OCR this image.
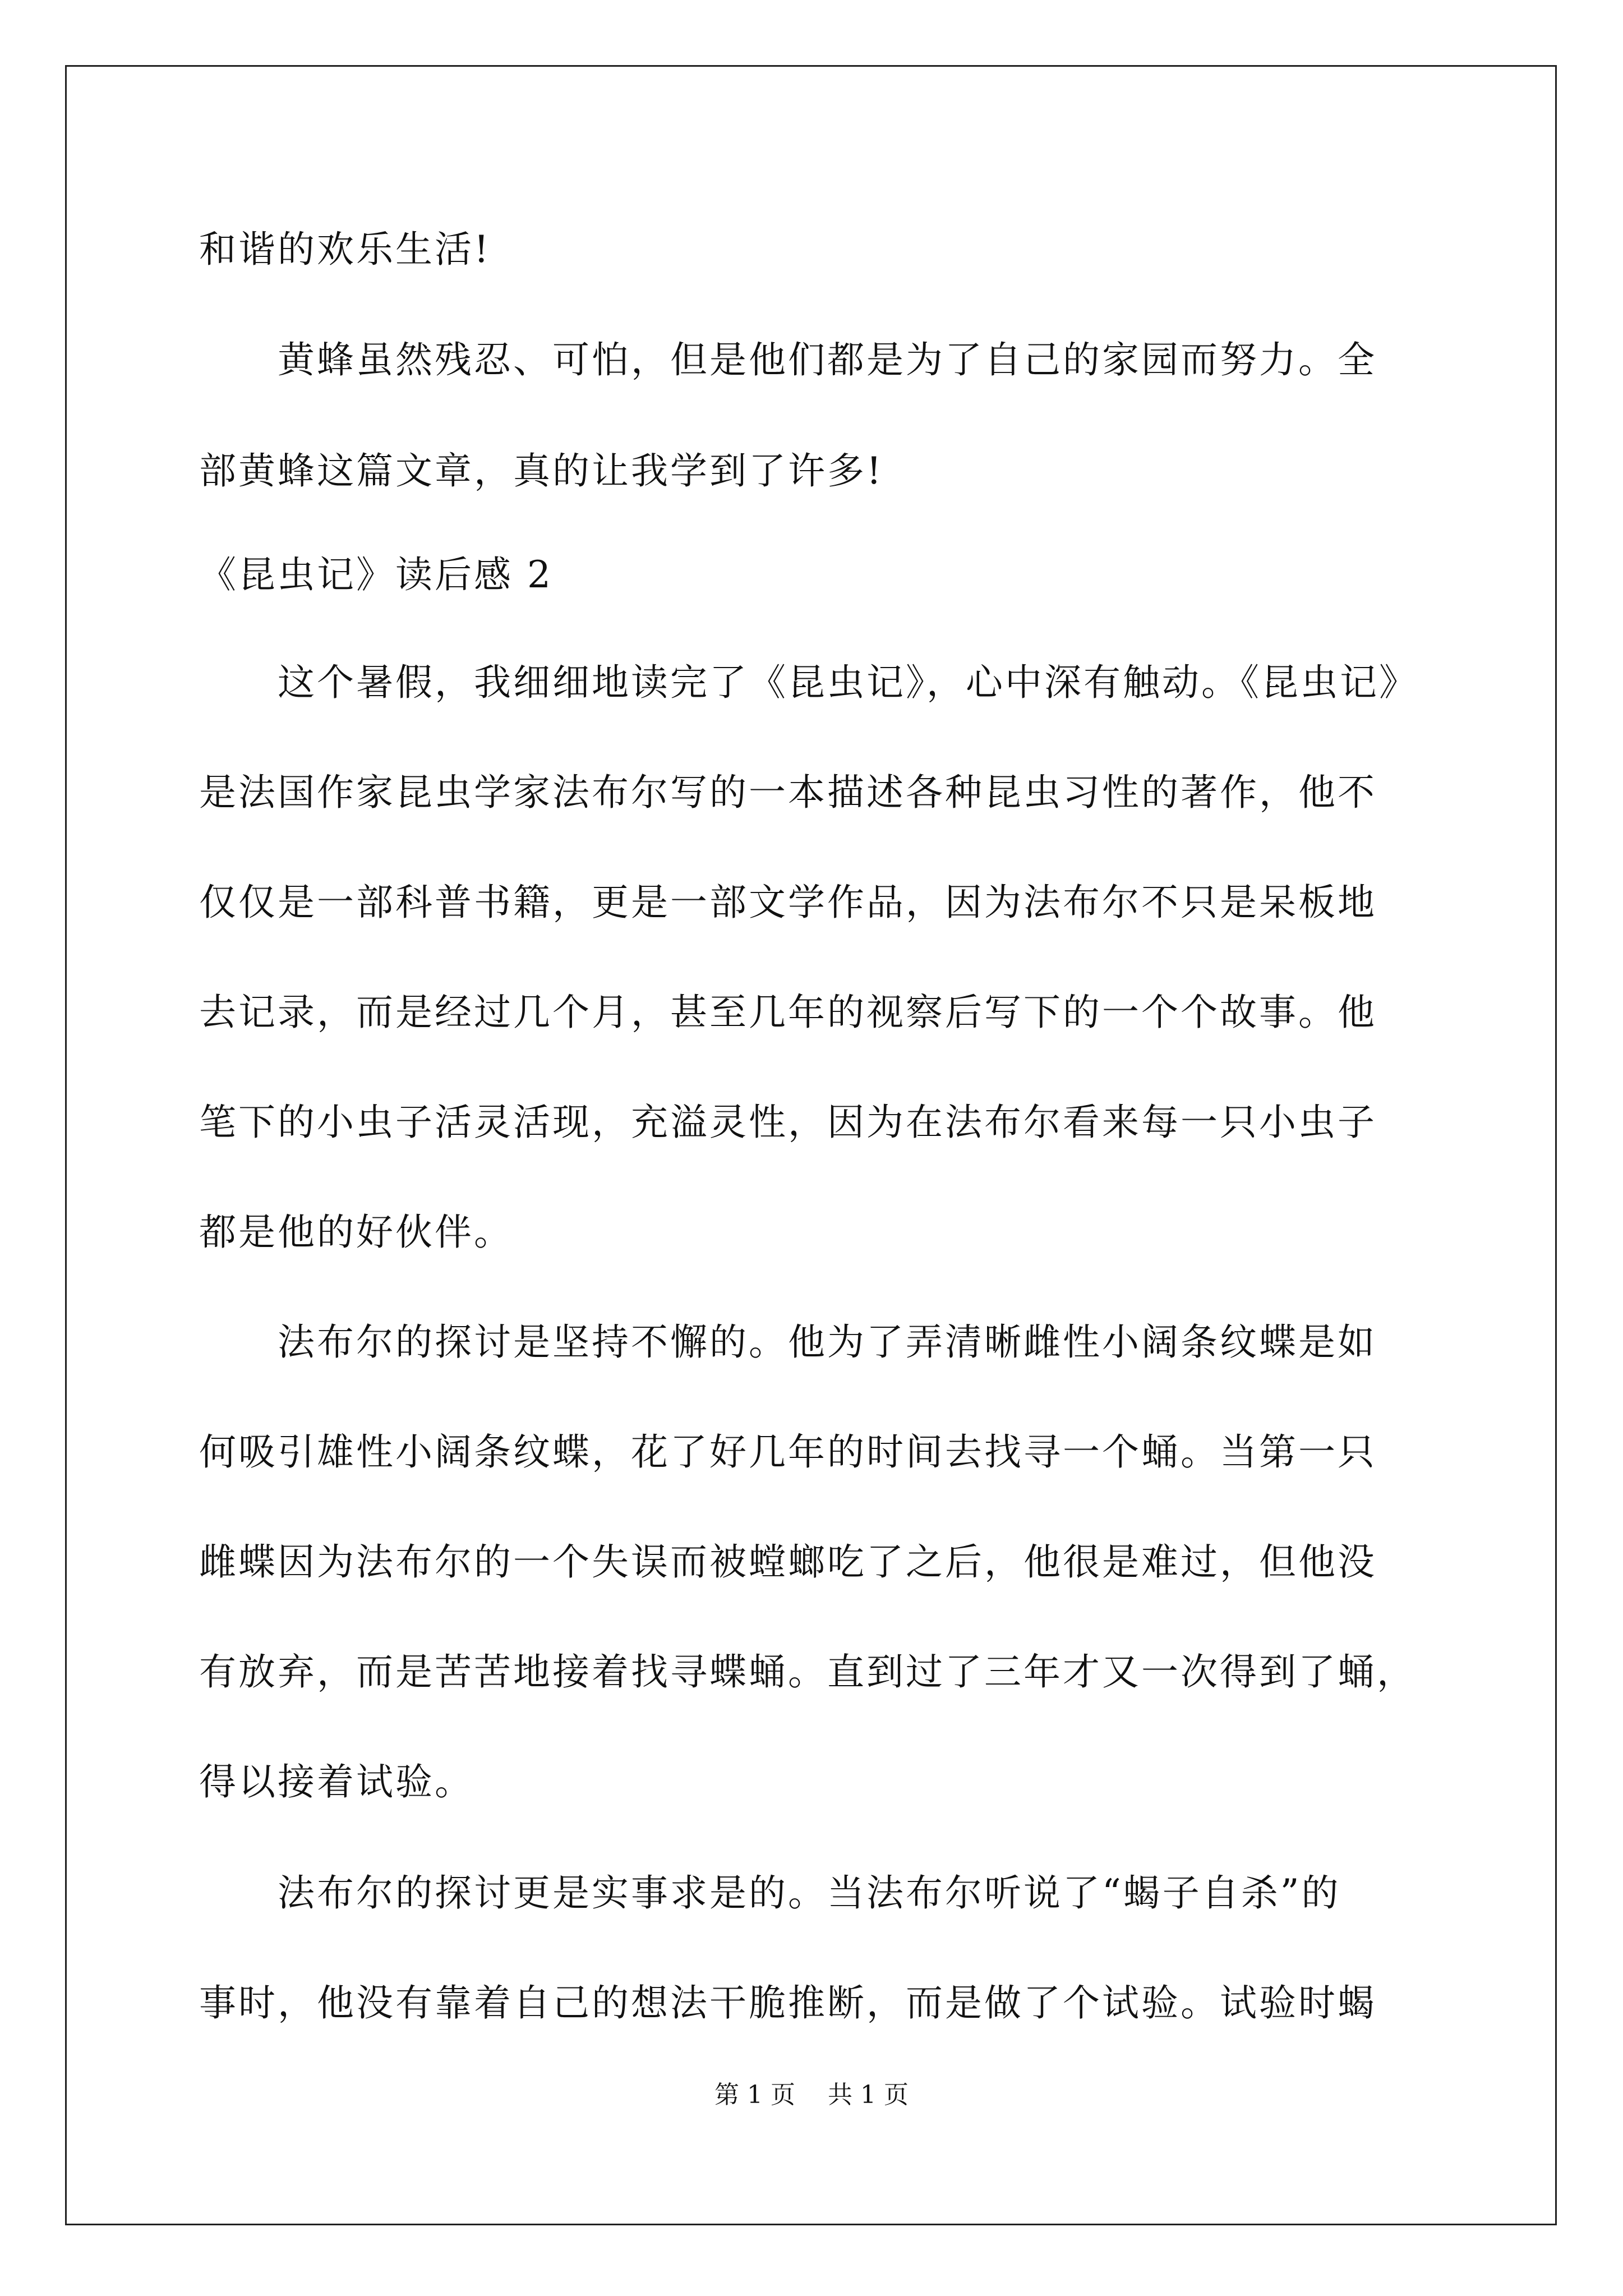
和谐的欢乐生活!
　　黄蜂虽然残忍、可怕，但是他们都是为了自己的家园而努力。全
部黄蜂这篇文章，真的让我学到了许多!
《昆虫记》读后感 2
　　这个暑假，我细细地读完了《昆虫记》，心中深有触动。《昆虫记》
是法国作家昆虫学家法布尔写的一本描述各种昆虫习性的著作，他不
仅仅是一部科普书籍，更是一部文学作品，因为法布尔不只是呆板地
去记录，而是经过几个月，甚至几年的视察后写下的一个个故事。他
笔下的小虫子活灵活现，充溢灵性，因为在法布尔看来每一只小虫子
都是他的好伙伴。
　　法布尔的探讨是坚持不懈的。他为了弄清晰雌性小阔条纹蝶是如
何吸引雄性小阔条纹蝶，花了好几年的时间去找寻一个蛹。当第一只
雌蝶因为法布尔的一个失误而被螳螂吃了之后，他很是难过，但他没
有放弃，而是苦苦地接着找寻蝶蛹。直到过了三年才又一次得到了蛹，
得以接着试验。
　　法布尔的探讨更是实事求是的。当法布尔听说了“蝎子自杀”的
事时，他没有靠着自己的想法干脆推断，而是做了个试验。试验时蝎
第 1 页 共 1 页
